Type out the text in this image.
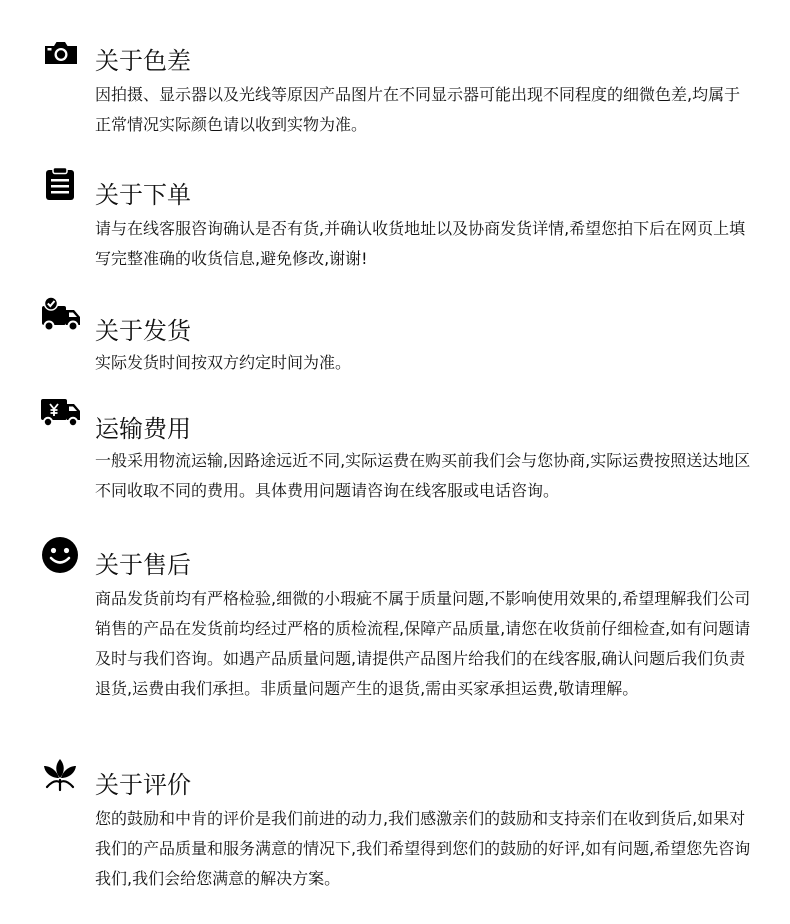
关于色差
因拍摄、显示器以及光线等原因产品图片在不同显示器可能出现不同程度的细微色差,均属于正常情况实际颜色请以收到实物为准。
关于下单
请与在线客服咨询确认是否有货,并确认收货地址以及协商发货详情,希望您拍下后在网页上填写完整准确的收货信息,避免修改,谢谢!
关于发货
实际发货时间按双方约定时间为准。
运输费用
一般采用物流运输,因路途远近不同,实际运费在购买前我们会与您协商,实际运费按照送达地区不同收取不同的费用。具体费用问题请咨询在线客服或电话咨询。
关于售后
商品发货前均有严格检验,细微的小瑕疵不属于质量问题,不影响使用效果的,希望理解我们公司销售的产品在发货前均经过严格的质检流程,保障产品质量,请您在收货前仔细检查,如有问题请及时与我们咨询。如遇产品质量问题,请提供产品图片给我们的在线客服,确认问题后我们负责退货,运费由我们承担。非质量问题产生的退货,需由买家承担运费,敬请理解。
关于评价
您的鼓励和中肯的评价是我们前进的动力,我们感激亲们的鼓励和支持亲们在收到货后,如果对我们的产品质量和服务满意的情况下,我们希望得到您们的鼓励的好评,如有问题,希望您先咨询我们,我们会给您满意的解决方案。
